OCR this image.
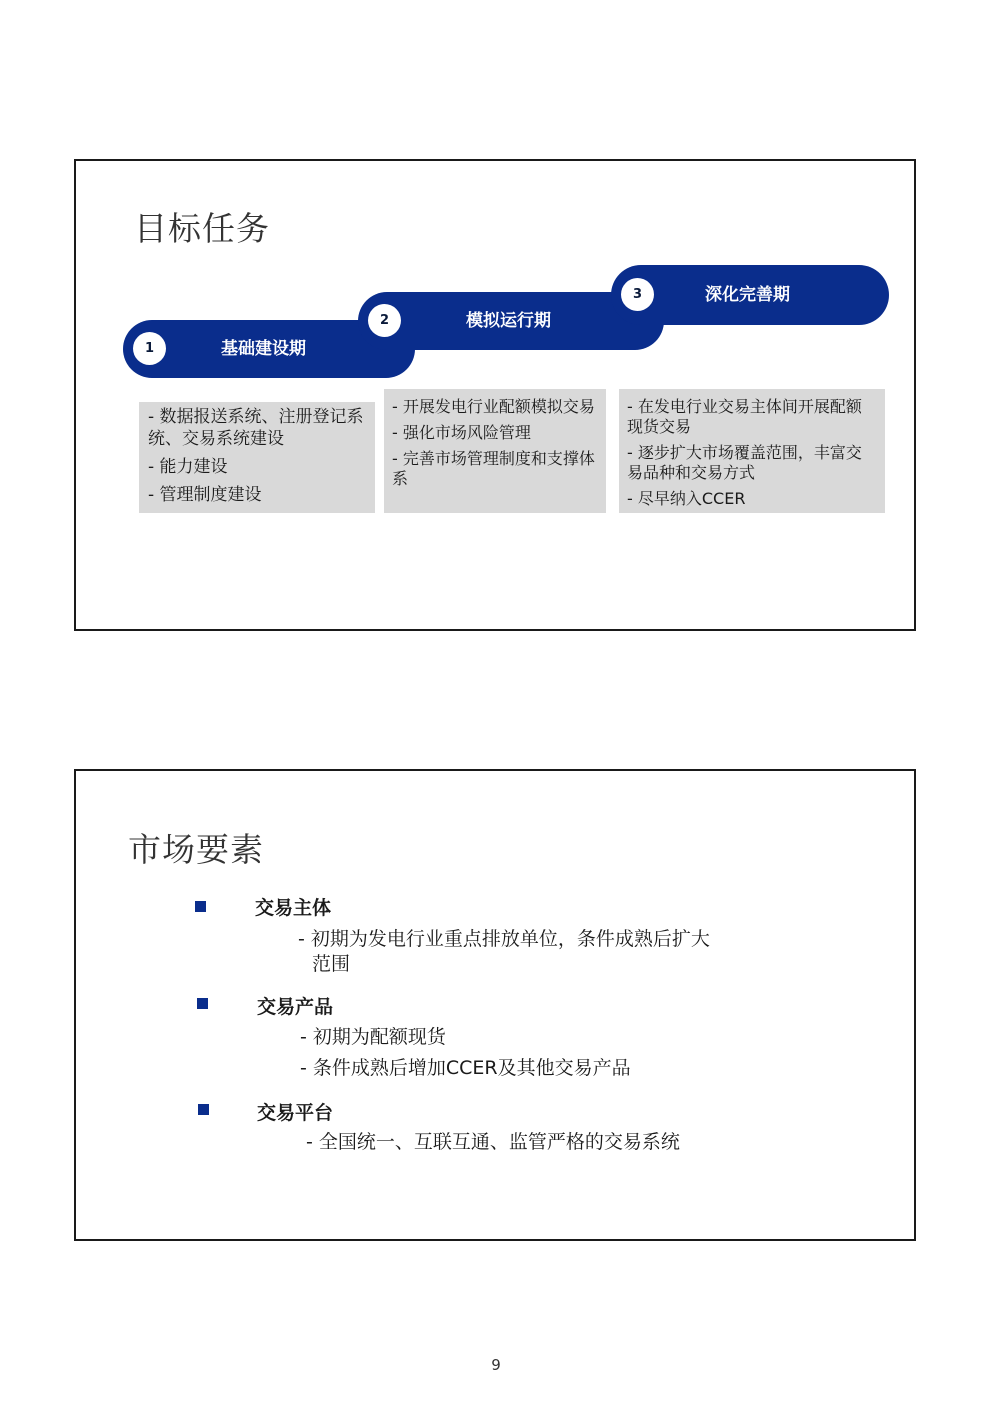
目标任务
1	基础建设期
2	模拟运行期
3	深化完善期
- 数据报送系统、注册登记系统、交易系统建设
- 能力建设
- 管理制度建设
- 开展发电行业配额模拟交易
- 强化市场风险管理
- 完善市场管理制度和支撑体系
- 在发电行业交易主体间开展配额现货交易
- 逐步扩大市场覆盖范围，丰富交易品种和交易方式
- 尽早纳入CCER
市场要素
交易主体
- 初期为发电行业重点排放单位，条件成熟后扩大
范围
交易产品
- 初期为配额现货
- 条件成熟后增加CCER及其他交易产品
交易平台
- 全国统一、互联互通、监管严格的交易系统
9
